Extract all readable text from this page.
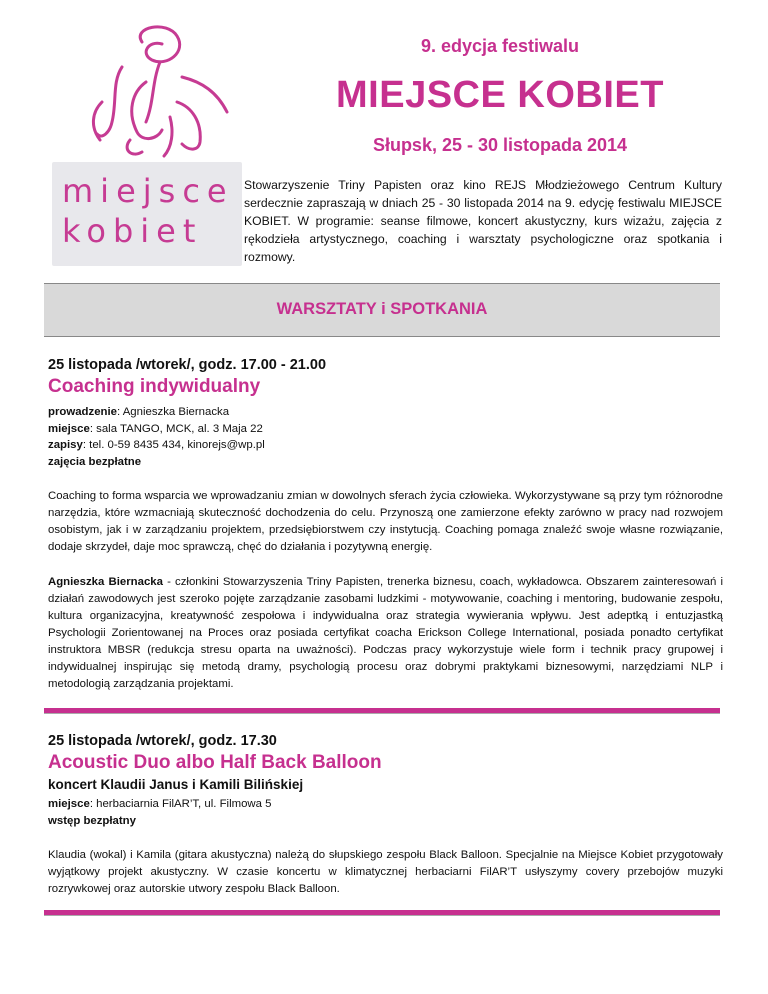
miejsce
kobiet
9. edycja festiwalu
MIEJSCE KOBIET
Słupsk, 25 - 30 listopada 2014
Stowarzyszenie Triny Papisten oraz kino REJS Młodzieżowego Centrum Kultury serdecznie zapraszają w dniach 25 - 30 listopada 2014 na 9. edycję festiwalu MIEJSCE KOBIET. W programie: seanse filmowe, koncert akustyczny, kurs wizażu, zajęcia z rękodzieła artystycznego, coaching i warsztaty psychologiczne oraz spotkania i rozmowy.
WARSZTATY i SPOTKANIA
25 listopada /wtorek/, godz. 17.00 - 21.00
Coaching indywidualny
prowadzenie: Agnieszka Biernacka
miejsce: sala TANGO, MCK, al. 3 Maja 22
zapisy: tel. 0-59 8435 434, kinorejs@wp.pl
zajęcia bezpłatne
Coaching to forma wsparcia we wprowadzaniu zmian w dowolnych sferach życia człowieka. Wykorzystywane są przy tym różnorodne narzędzia, które wzmacniają skuteczność dochodzenia do celu. Przynoszą one zamierzone efekty zarówno w pracy nad rozwojem osobistym, jak i w zarządzaniu projektem, przedsiębiorstwem czy instytucją. Coaching pomaga znaleźć swoje własne rozwiązanie, dodaje skrzydeł, daje moc sprawczą, chęć do działania i pozytywną energię.
Agnieszka Biernacka - członkini Stowarzyszenia Triny Papisten, trenerka biznesu, coach, wykładowca. Obszarem zainteresowań i działań zawodowych jest szeroko pojęte zarządzanie zasobami ludzkimi - motywowanie, coaching i mentoring, budowanie zespołu, kultura organizacyjna, kreatywność zespołowa i indywidualna oraz strategia wywierania wpływu. Jest adeptką i entuzjastką Psychologii Zorientowanej na Proces oraz posiada certyfikat coacha Erickson College International, posiada ponadto certyfikat instruktora MBSR (redukcja stresu oparta na uważności). Podczas pracy wykorzystuje wiele form i technik pracy grupowej i indywidualnej inspirując się metodą dramy, psychologią procesu oraz dobrymi praktykami biznesowymi, narzędziami NLP i metodologią zarządzania projektami.
25 listopada /wtorek/, godz. 17.30
Acoustic Duo albo Half Back Balloon
koncert Klaudii Janus i Kamili Bilińskiej
miejsce: herbaciarnia FilAR’T, ul. Filmowa 5
wstęp bezpłatny
Klaudia (wokal) i Kamila (gitara akustyczna) należą do słupskiego zespołu Black Balloon. Specjalnie na Miejsce Kobiet przygotowały wyjątkowy projekt akustyczny. W czasie koncertu w klimatycznej herbaciarni FilAR’T usłyszymy covery przebojów muzyki rozrywkowej oraz autorskie utwory zespołu Black Balloon.
